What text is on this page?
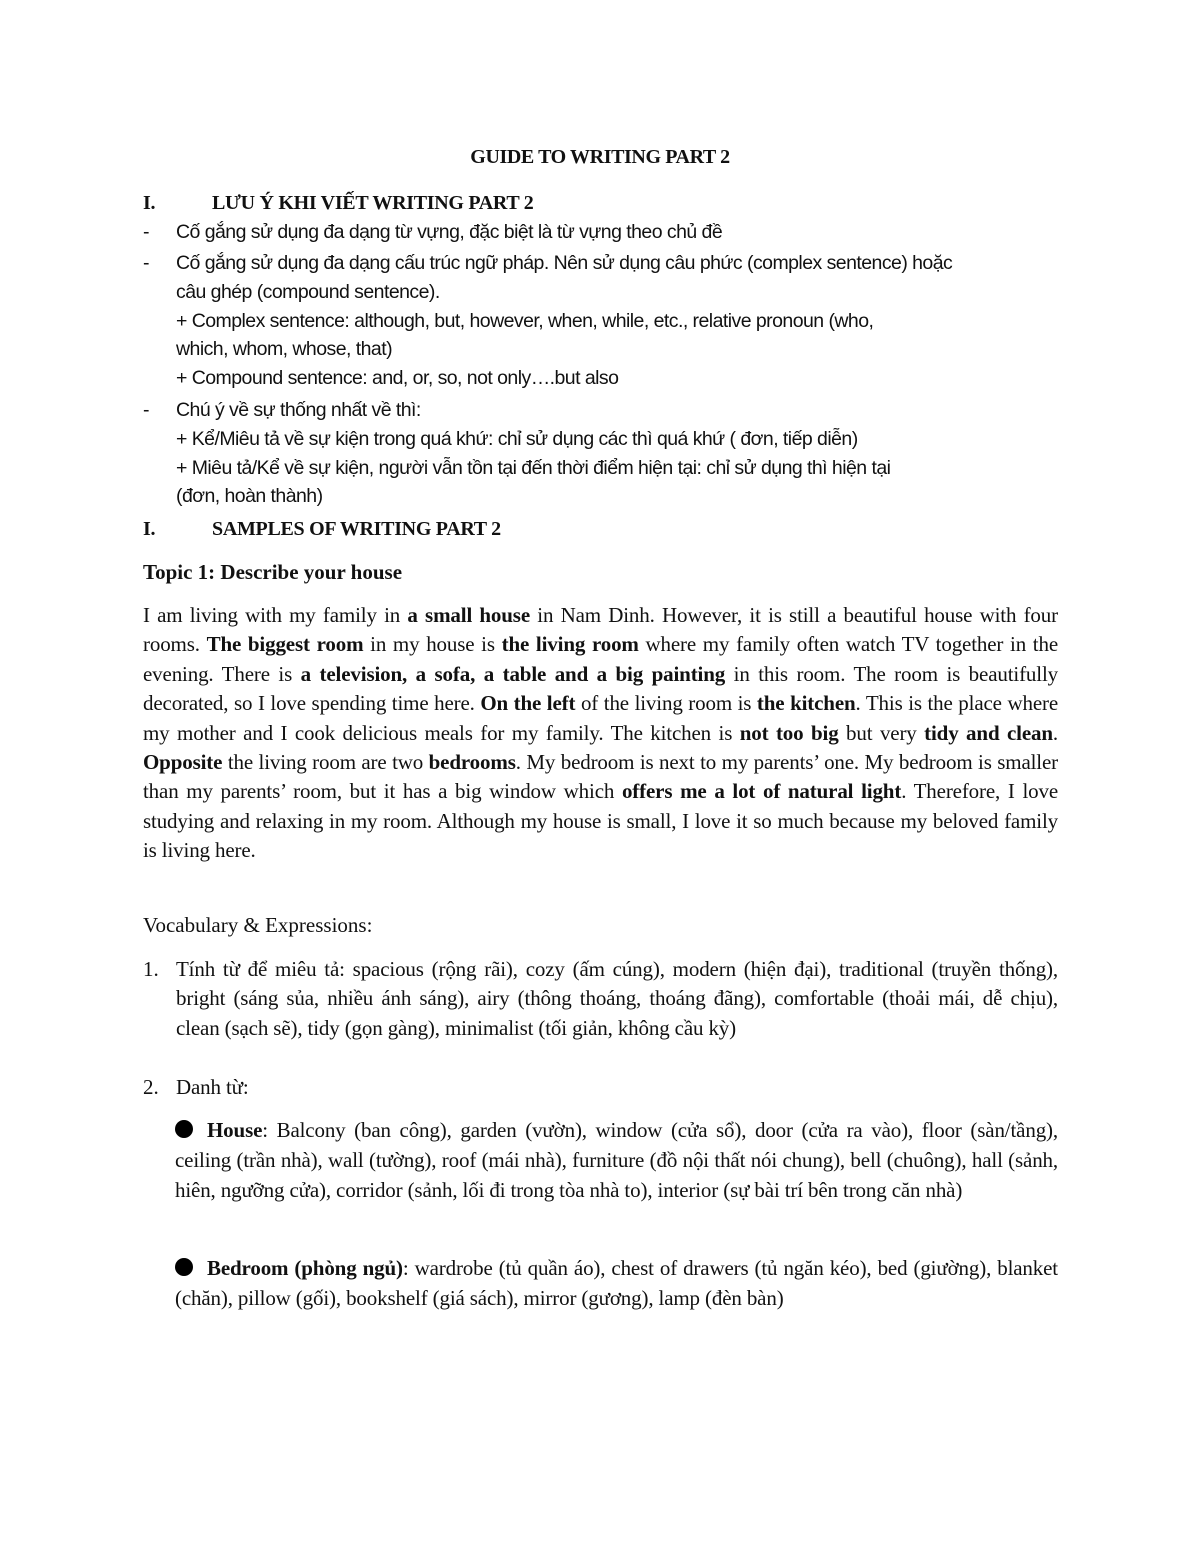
GUIDE TO WRITING PART 2
I.	LƯU Ý KHI VIẾT WRITING PART 2
- Cố gắng sử dụng đa dạng từ vựng, đặc biệt là từ vựng theo chủ đề
- Cố gắng sử dụng đa dạng cấu trúc ngữ pháp. Nên sử dụng câu phức (complex sentence) hoặc
câu ghép (compound sentence).
+ Complex sentence: although, but, however, when, while, etc., relative pronoun (who,
which, whom, whose, that)
+ Compound sentence: and, or, so, not only….but also
- Chú ý về sự thống nhất về thì:
+ Kể/Miêu tả về sự kiện trong quá khứ: chỉ sử dụng các thì quá khứ ( đơn, tiếp diễn)
+ Miêu tả/Kể về sự kiện, người vẫn tồn tại đến thời điểm hiện tại: chỉ sử dụng thì hiện tại
(đơn, hoàn thành)
I.	SAMPLES OF WRITING PART 2
Topic 1: Describe your house
I am living with my family in a small house in Nam Dinh. However, it is still a beautiful house with four rooms. The biggest room in my house is the living room where my family often watch TV together in the evening. There is a television, a sofa, a table and a big painting in this room. The room is beautifully decorated, so I love spending time here. On the left of the living room is the kitchen. This is the place where my mother and I cook delicious meals for my family. The kitchen is not too big but very tidy and clean. Opposite the living room are two bedrooms. My bedroom is next to my parents’ one. My bedroom is smaller than my parents’ room, but it has a big window which offers me a lot of natural light. Therefore, I love studying and relaxing in my room. Although my house is small, I love it so much because my beloved family is living here.
Vocabulary & Expressions:
1. Tính từ để miêu tả: spacious (rộng rãi), cozy (ấm cúng), modern (hiện đại), traditional (truyền thống), bright (sáng sủa, nhiều ánh sáng), airy (thông thoáng, thoáng đãng), comfortable (thoải mái, dễ chịu), clean (sạch sẽ), tidy (gọn gàng), minimalist (tối giản, không cầu kỳ)
2. Danh từ:
House: Balcony (ban công), garden (vườn), window (cửa sổ), door (cửa ra vào), floor (sàn/tầng), ceiling (trần nhà), wall (tường), roof (mái nhà), furniture (đồ nội thất nói chung), bell (chuông), hall (sảnh, hiên, ngưỡng cửa), corridor (sảnh, lối đi trong tòa nhà to), interior (sự bài trí bên trong căn nhà)
Bedroom (phòng ngủ): wardrobe (tủ quần áo), chest of drawers (tủ ngăn kéo), bed (giường), blanket (chăn), pillow (gối), bookshelf (giá sách), mirror (gương), lamp (đèn bàn)
